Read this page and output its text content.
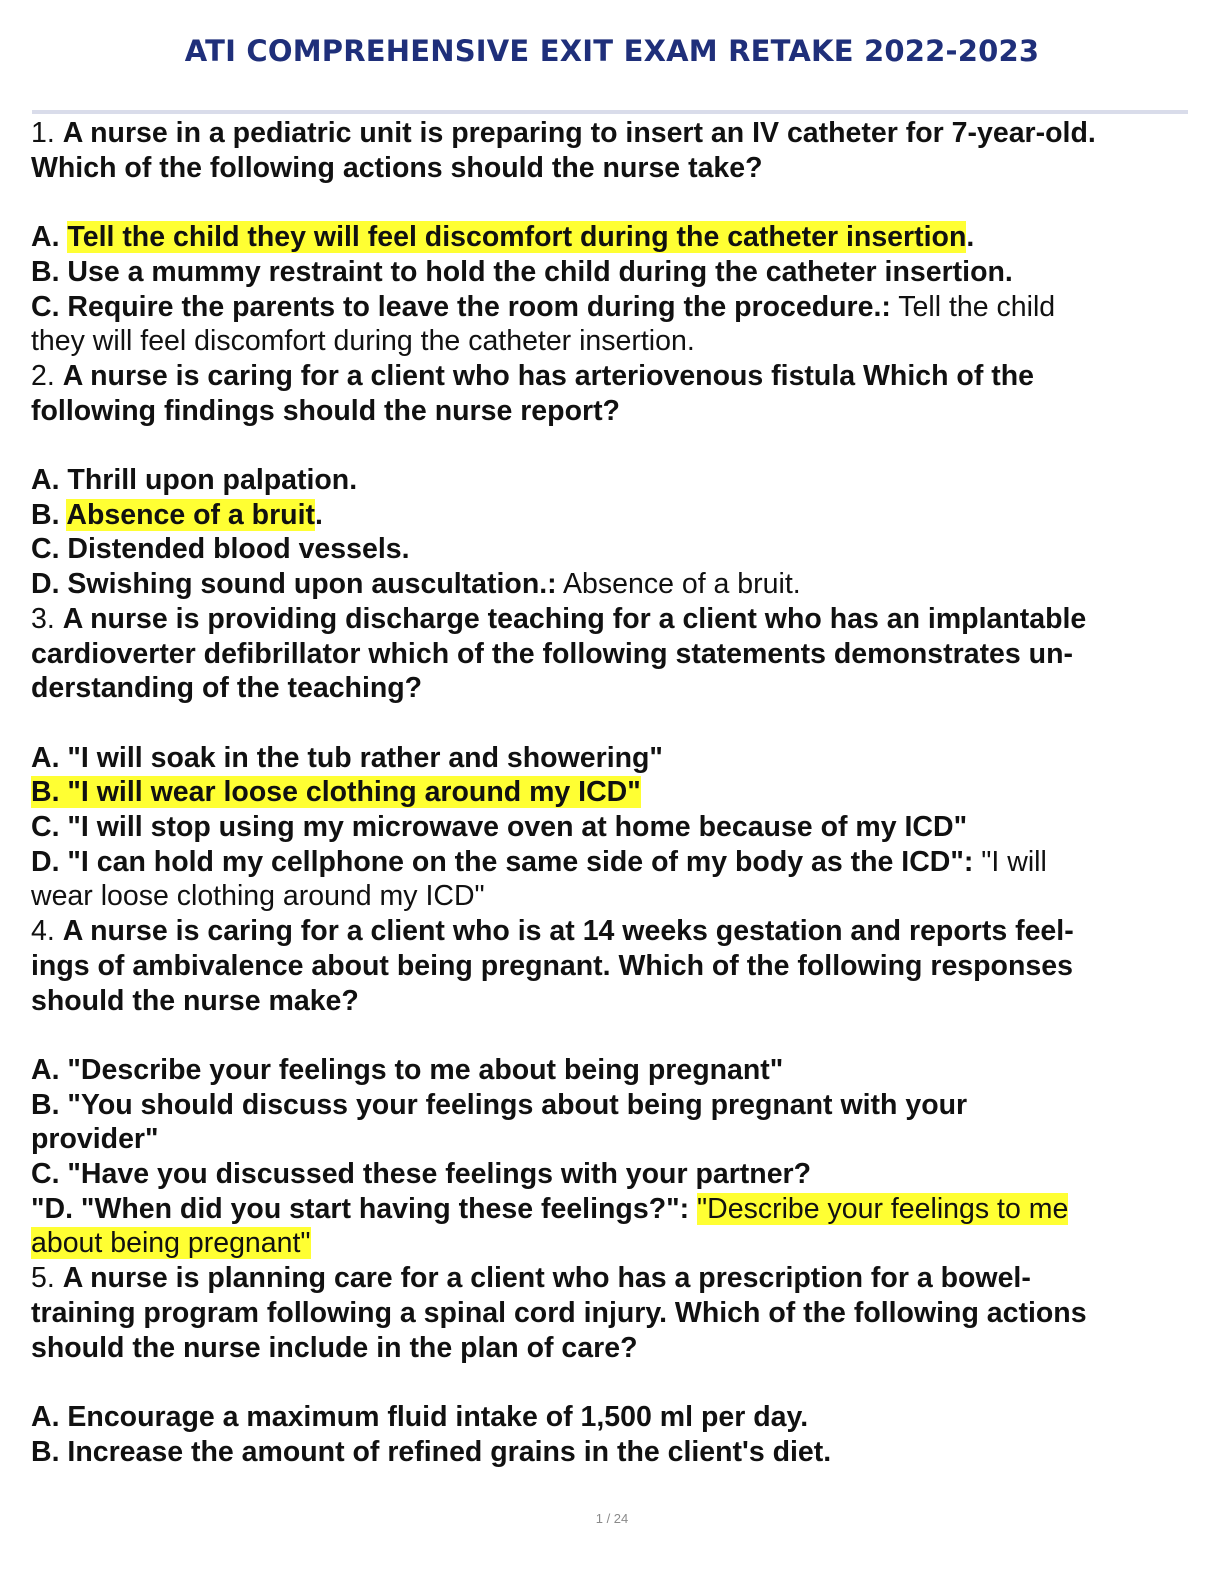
ATI COMPREHENSIVE EXIT EXAM RETAKE 2022-2023

1. A nurse in a pediatric unit is preparing to insert an IV catheter for 7-year-old.

Which of the following actions should the nurse take?

A. Tell the child they will feel discomfort during the catheter insertion.

B. Use a mummy restraint to hold the child during the catheter insertion.

C. Require the parents to leave the room during the procedure.: Tell the child

they will feel discomfort during the catheter insertion.

2. A nurse is caring for a client who has arteriovenous fistula Which of the

following findings should the nurse report?

A. Thrill upon palpation.

B. Absence of a bruit.

C. Distended blood vessels.

D. Swishing sound upon auscultation.: Absence of a bruit.

3. A nurse is providing discharge teaching for a client who has an implantable

cardioverter defibrillator which of the following statements demonstrates un-

derstanding of the teaching?

A. "I will soak in the tub rather and showering"

B. "I will wear loose clothing around my ICD"

C. "I will stop using my microwave oven at home because of my ICD"

D. "I can hold my cellphone on the same side of my body as the ICD": "I will

wear loose clothing around my ICD"

4. A nurse is caring for a client who is at 14 weeks gestation and reports feel-

ings of ambivalence about being pregnant. Which of the following responses

should the nurse make?

A. "Describe your feelings to me about being pregnant"

B. "You should discuss your feelings about being pregnant with your

provider"

C. "Have you discussed these feelings with your partner?

"D. "When did you start having these feelings?": "Describe your feelings to me

about being pregnant"

5. A nurse is planning care for a client who has a prescription for a bowel-

training program following a spinal cord injury. Which of the following actions

should the nurse include in the plan of care?

A. Encourage a maximum fluid intake of 1,500 ml per day.

B. Increase the amount of refined grains in the client's diet.

1 / 24
